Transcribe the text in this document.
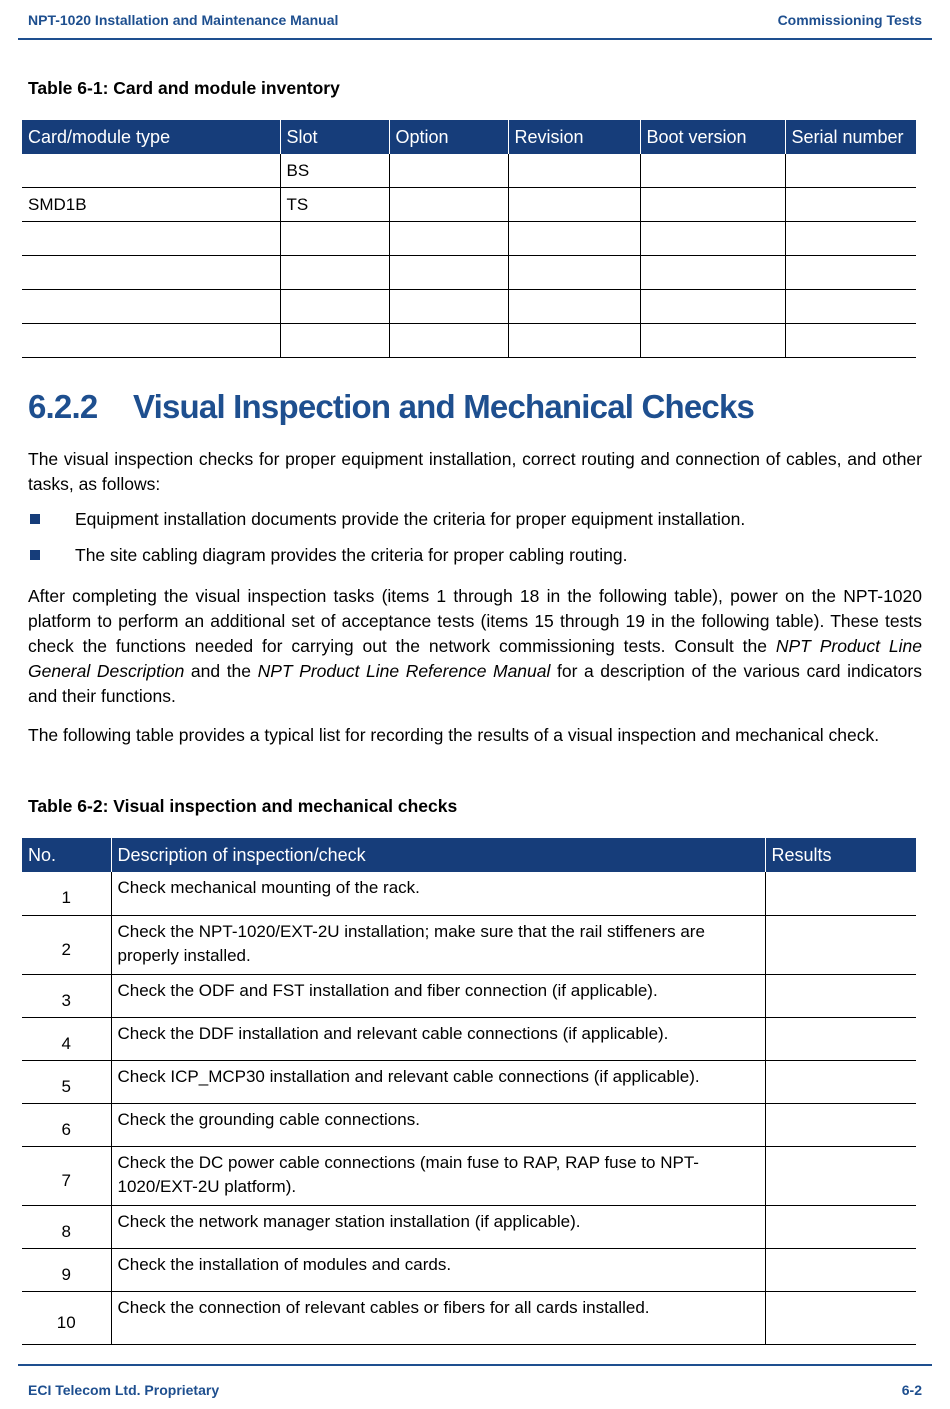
NPT-1020 Installation and Maintenance Manual	Commissioning Tests
Table 6-1: Card and module inventory
Card/module type	Slot	Option	Revision	Boot version	Serial number
	BS				
SMD1B	TS				

6.2.2 Visual Inspection and Mechanical Checks

The visual inspection checks for proper equipment installation, correct routing and connection of cables, and other tasks, as follows:

Equipment installation documents provide the criteria for proper equipment installation.
The site cabling diagram provides the criteria for proper cabling routing.

After completing the visual inspection tasks (items 1 through 18 in the following table), power on the NPT-1020 platform to perform an additional set of acceptance tests (items 15 through 19 in the following table). These tests check the functions needed for carrying out the network commissioning tests. Consult the NPT Product Line General Description and the NPT Product Line Reference Manual for a description of the various card indicators and their functions.

The following table provides a typical list for recording the results of a visual inspection and mechanical check.

Table 6-2: Visual inspection and mechanical checks
No.	Description of inspection/check	Results
1	Check mechanical mounting of the rack.	
2	Check the NPT-1020/EXT-2U installation; make sure that the rail stiffeners are properly installed.	
3	Check the ODF and FST installation and fiber connection (if applicable).	
4	Check the DDF installation and relevant cable connections (if applicable).	
5	Check ICP_MCP30 installation and relevant cable connections (if applicable).	
6	Check the grounding cable connections.	
7	Check the DC power cable connections (main fuse to RAP, RAP fuse to NPT-1020/EXT-2U platform).	
8	Check the network manager station installation (if applicable).	
9	Check the installation of modules and cards.	
10	Check the connection of relevant cables or fibers for all cards installed.	
ECI Telecom Ltd. Proprietary	6-2
